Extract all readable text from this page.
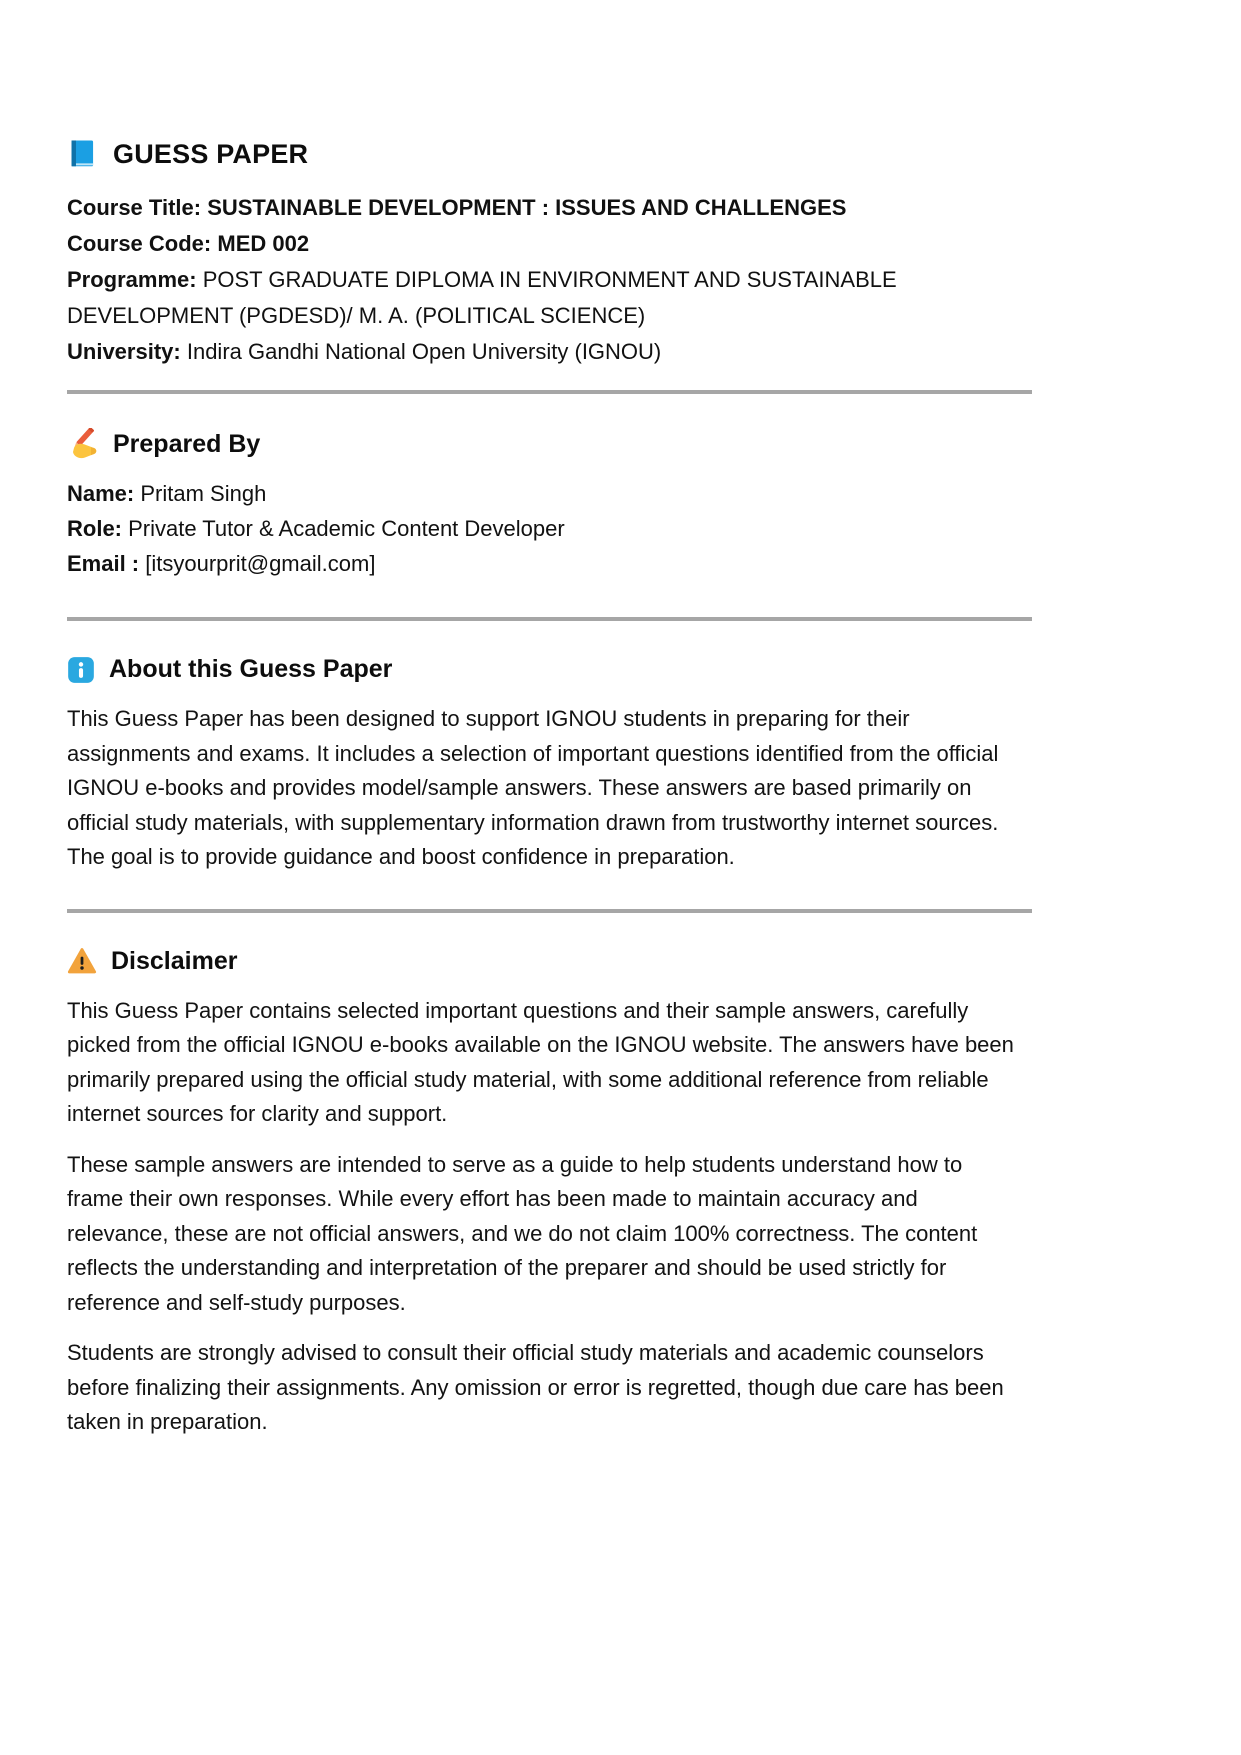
GUESS PAPER
Course Title: SUSTAINABLE DEVELOPMENT : ISSUES AND CHALLENGES
Course Code: MED 002
Programme: POST GRADUATE DIPLOMA IN ENVIRONMENT AND SUSTAINABLE DEVELOPMENT (PGDESD)/ M. A. (POLITICAL SCIENCE)
University: Indira Gandhi National Open University (IGNOU)
Prepared By
Name: Pritam Singh
Role: Private Tutor & Academic Content Developer
Email : [itsyourprit@gmail.com]
About this Guess Paper

This Guess Paper has been designed to support IGNOU students in preparing for their assignments and exams. It includes a selection of important questions identified from the official IGNOU e-books and provides model/sample answers. These answers are based primarily on official study materials, with supplementary information drawn from trustworthy internet sources. The goal is to provide guidance and boost confidence in preparation.

Disclaimer

This Guess Paper contains selected important questions and their sample answers, carefully picked from the official IGNOU e-books available on the IGNOU website. The answers have been primarily prepared using the official study material, with some additional reference from reliable internet sources for clarity and support.

These sample answers are intended to serve as a guide to help students understand how to frame their own responses. While every effort has been made to maintain accuracy and relevance, these are not official answers, and we do not claim 100% correctness. The content reflects the understanding and interpretation of the preparer and should be used strictly for reference and self-study purposes.

Students are strongly advised to consult their official study materials and academic counselors before finalizing their assignments. Any omission or error is regretted, though due care has been taken in preparation.
